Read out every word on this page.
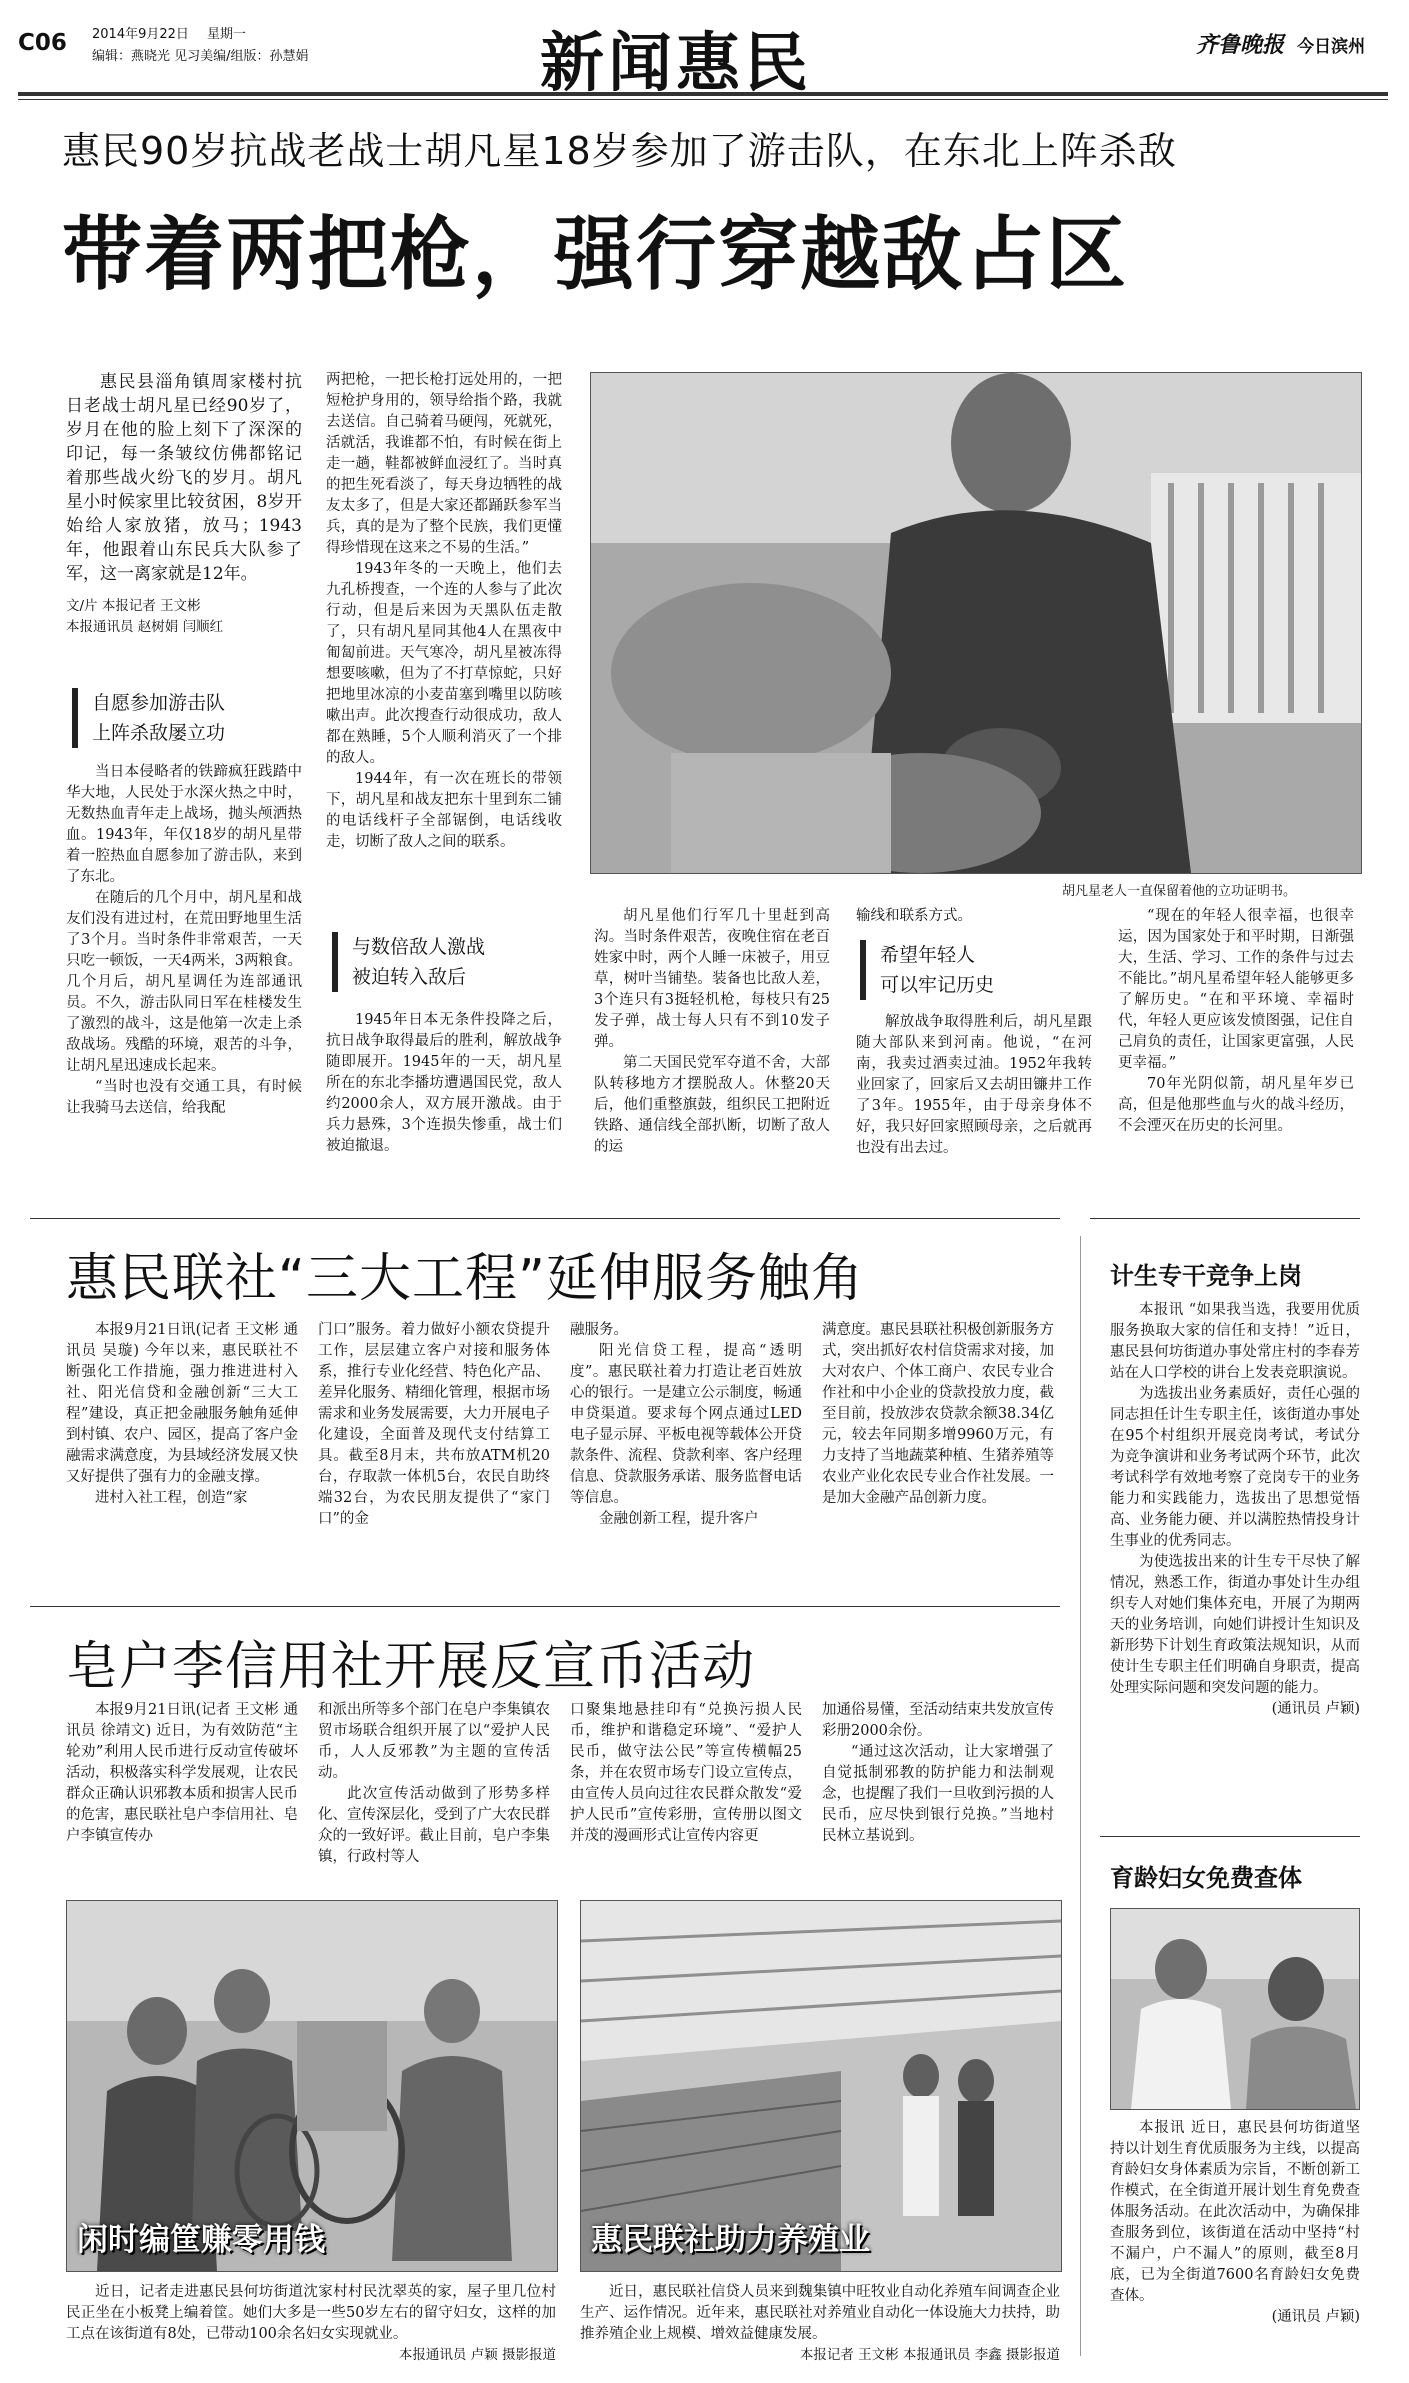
C06 2014年9月22日 星期一
编辑：燕晓光 见习美编/组版：孙慧娟	新闻惠民	齐鲁晚报 今日滨州
惠民90岁抗战老战士胡凡星18岁参加了游击队，在东北上阵杀敌
带着两把枪，强行穿越敌占区

惠民县淄角镇周家楼村抗日老战士胡凡星已经90岁了，岁月在他的脸上刻下了深深的印记，每一条皱纹仿佛都铭记着那些战火纷飞的岁月。胡凡星小时候家里比较贫困，8岁开始给人家放猪，放马；1943年，他跟着山东民兵大队参了军，这一离家就是12年。

文/片 本报记者 王文彬

本报通讯员 赵树娟 闫顺红

自愿参加游击队
上阵杀敌屡立功

当日本侵略者的铁蹄疯狂践踏中华大地，人民处于水深火热之中时，无数热血青年走上战场，抛头颅洒热血。1943年，年仅18岁的胡凡星带着一腔热血自愿参加了游击队，来到了东北。

在随后的几个月中，胡凡星和战友们没有进过村，在荒田野地里生活了3个月。当时条件非常艰苦，一天只吃一顿饭，一天4两米，3两粮食。几个月后，胡凡星调任为连部通讯员。不久，游击队同日军在桂楼发生了激烈的战斗，这是他第一次走上杀敌战场。残酷的环境，艰苦的斗争，让胡凡星迅速成长起来。

“当时也没有交通工具，有时候让我骑马去送信，给我配

两把枪，一把长枪打远处用的，一把短枪护身用的，领导给指个路，我就去送信。自己骑着马硬闯，死就死，活就活，我谁都不怕，有时候在街上走一趟，鞋都被鲜血浸红了。当时真的把生死看淡了，每天身边牺牲的战友太多了，但是大家还都踊跃参军当兵，真的是为了整个民族，我们更懂得珍惜现在这来之不易的生活。”

1943年冬的一天晚上，他们去九孔桥搜查，一个连的人参与了此次行动，但是后来因为天黑队伍走散了，只有胡凡星同其他4人在黑夜中匍匐前进。天气寒冷，胡凡星被冻得想要咳嗽，但为了不打草惊蛇，只好把地里冰凉的小麦苗塞到嘴里以防咳嗽出声。此次搜查行动很成功，敌人都在熟睡，5个人顺利消灭了一个排的敌人。

1944年，有一次在班长的带领下，胡凡星和战友把东十里到东二铺的电话线杆子全部锯倒，电话线收走，切断了敌人之间的联系。

与数倍敌人激战
被迫转入敌后

1945年日本无条件投降之后，抗日战争取得最后的胜利，解放战争随即展开。1945年的一天，胡凡星所在的东北李播坊遭遇国民党，敌人约2000余人，双方展开激战。由于兵力悬殊，3个连损失惨重，战士们被迫撤退。

胡凡星老人一直保留着他的立功证明书。

胡凡星他们行军几十里赶到高沟。当时条件艰苦，夜晚住宿在老百姓家中时，两个人睡一床被子，用豆草，树叶当铺垫。装备也比敌人差，3个连只有3挺轻机枪，每枝只有25发子弹，战士每人只有不到10发子弹。

第二天国民党军夺道不舍，大部队转移地方才摆脱敌人。休整20天后，他们重整旗鼓，组织民工把附近铁路、通信线全部扒断，切断了敌人的运

输线和联系方式。

希望年轻人
可以牢记历史

解放战争取得胜利后，胡凡星跟随大部队来到河南。他说，“在河南，我卖过酒卖过油。1952年我转业回家了，回家后又去胡田镰井工作了3年。1955年，由于母亲身体不好，我只好回家照顾母亲，之后就再也没有出去过。

“现在的年轻人很幸福，也很幸运，因为国家处于和平时期，日渐强大，生活、学习、工作的条件与过去不能比。”胡凡星希望年轻人能够更多了解历史。“在和平环境、幸福时代，年轻人更应该发愤图强，记住自己肩负的责任，让国家更富强，人民更幸福。”

70年光阴似箭，胡凡星年岁已高，但是他那些血与火的战斗经历，不会湮灭在历史的长河里。

惠民联社“三大工程”延伸服务触角

本报9月21日讯(记者 王文彬 通讯员 吴璇) 今年以来，惠民联社不断强化工作措施，强力推进进村入社、阳光信贷和金融创新“三大工程”建设，真正把金融服务触角延伸到村镇、农户、园区，提高了客户金融需求满意度，为县域经济发展又快又好提供了强有力的金融支撑。

进村入社工程，创造“家

门口”服务。着力做好小额农贷提升工作，层层建立客户对接和服务体系，推行专业化经营、特色化产品、差异化服务、精细化管理，根据市场需求和业务发展需要，大力开展电子化建设，全面普及现代支付结算工具。截至8月末，共布放ATM机20台，存取款一体机5台，农民自助终端32台，为农民朋友提供了“家门口”的金

融服务。

阳光信贷工程，提高“透明度”。惠民联社着力打造让老百姓放心的银行。一是建立公示制度，畅通申贷渠道。要求每个网点通过LED电子显示屏、平板电视等载体公开贷款条件、流程、贷款利率、客户经理信息、贷款服务承诺、服务监督电话等信息。

金融创新工程，提升客户

满意度。惠民县联社积极创新服务方式，突出抓好农村信贷需求对接，加大对农户、个体工商户、农民专业合作社和中小企业的贷款投放力度，截至目前，投放涉农贷款余额38.34亿元，较去年同期多增9960万元，有力支持了当地蔬菜种植、生猪养殖等农业产业化农民专业合作社发展。一是加大金融产品创新力度。

皂户李信用社开展反宣币活动

本报9月21日讯(记者 王文彬 通讯员 徐靖文) 近日，为有效防范“主轮劝”利用人民币进行反动宣传破坏活动，积极落实科学发展观，让农民群众正确认识邪教本质和损害人民币的危害，惠民联社皂户李信用社、皂户李镇宣传办

和派出所等多个部门在皂户李集镇农贸市场联合组织开展了以“爱护人民币，人人反邪教”为主题的宣传活动。

此次宣传活动做到了形势多样化、宣传深层化，受到了广大农民群众的一致好评。截止目前，皂户李集镇，行政村等人

口聚集地悬挂印有“兑换污损人民币，维护和谐稳定环境”、“爱护人民币，做守法公民”等宣传横幅25条，并在农贸市场专门设立宣传点，由宣传人员向过往农民群众散发“爱护人民币”宣传彩册，宣传册以图文并茂的漫画形式让宣传内容更

加通俗易懂，至活动结束共发放宣传彩册2000余份。

“通过这次活动，让大家增强了自觉抵制邪教的防护能力和法制观念，也提醒了我们一旦收到污损的人民币，应尽快到银行兑换。”当地村民林立基说到。

计生专干竞争上岗

本报讯 “如果我当选，我要用优质服务换取大家的信任和支持！”近日，惠民县何坊街道办事处常庄村的李春芳站在人口学校的讲台上发表竞职演说。

为选拔出业务素质好，责任心强的同志担任计生专职主任，该街道办事处在95个村组织开展竞岗考试，考试分为竞争演讲和业务考试两个环节，此次考试科学有效地考察了竞岗专干的业务能力和实践能力，选拔出了思想觉悟高、业务能力硬、并以满腔热情投身计生事业的优秀同志。

为使选拔出来的计生专干尽快了解情况，熟悉工作，街道办事处计生办组织专人对她们集体充电，开展了为期两天的业务培训，向她们讲授计生知识及新形势下计划生育政策法规知识，从而使计生专职主任们明确自身职责，提高处理实际问题和突发问题的能力。

(通讯员 卢颖)

育龄妇女免费查体

本报讯 近日，惠民县何坊街道坚持以计划生育优质服务为主线，以提高育龄妇女身体素质为宗旨，不断创新工作模式，在全街道开展计划生育免费查体服务活动。在此次活动中，为确保排查服务到位，该街道在活动中坚持“村不漏户，户不漏人”的原则，截至8月底，已为全街道7600名育龄妇女免费查体。

(通讯员 卢颖)

闲时编筐赚零用钱

近日，记者走进惠民县何坊街道沈家村村民沈翠英的家，屋子里几位村民正坐在小板凳上编着筐。她们大多是一些50岁左右的留守妇女，这样的加工点在该街道有8处，已带动100余名妇女实现就业。

本报通讯员 卢颖 摄影报道

惠民联社助力养殖业

近日，惠民联社信贷人员来到魏集镇中旺牧业自动化养殖车间调查企业生产、运作情况。近年来，惠民联社对养殖业自动化一体设施大力扶持，助推养殖企业上规模、增效益健康发展。

本报记者 王文彬 本报通讯员 李鑫 摄影报道
